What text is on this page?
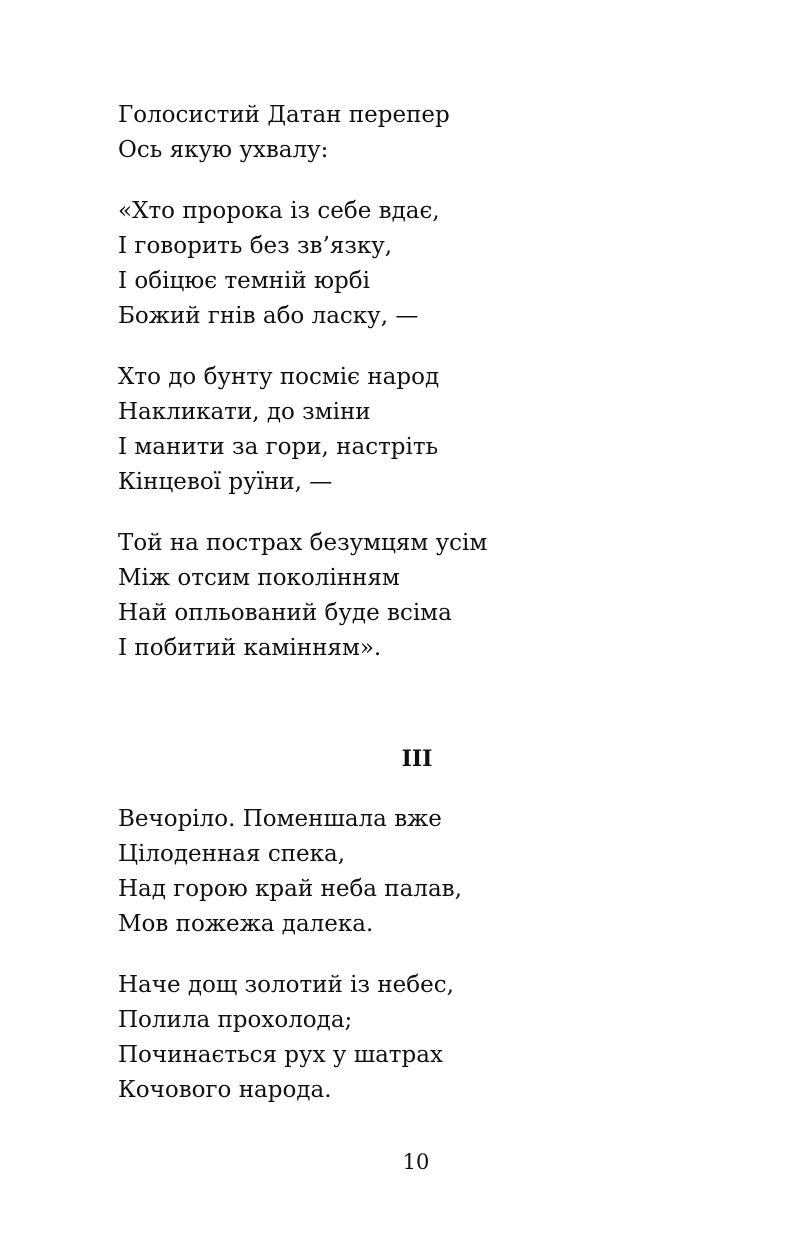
Голосистий Датан перепер
Ось якую ухвалу:
«Хто пророка із себе вдає,
І говорить без зв’язку,
І обіцює темній юрбі
Божий гнів або ласку, —
Хто до бунту посміє народ
Накликати, до зміни
І манити за гори, настріть
Кінцевої руїни, —
Той на пострах безумцям усім
Між отсим поколінням
Най опльований буде всіма
І побитий камінням».
III
Вечоріло. Поменшала вже
Цілоденная спека,
Над горою край неба палав,
Мов пожежа далека.
Наче дощ золотий із небес,
Полила прохолода;
Починається рух у шатрах
Кочового народа.

10
